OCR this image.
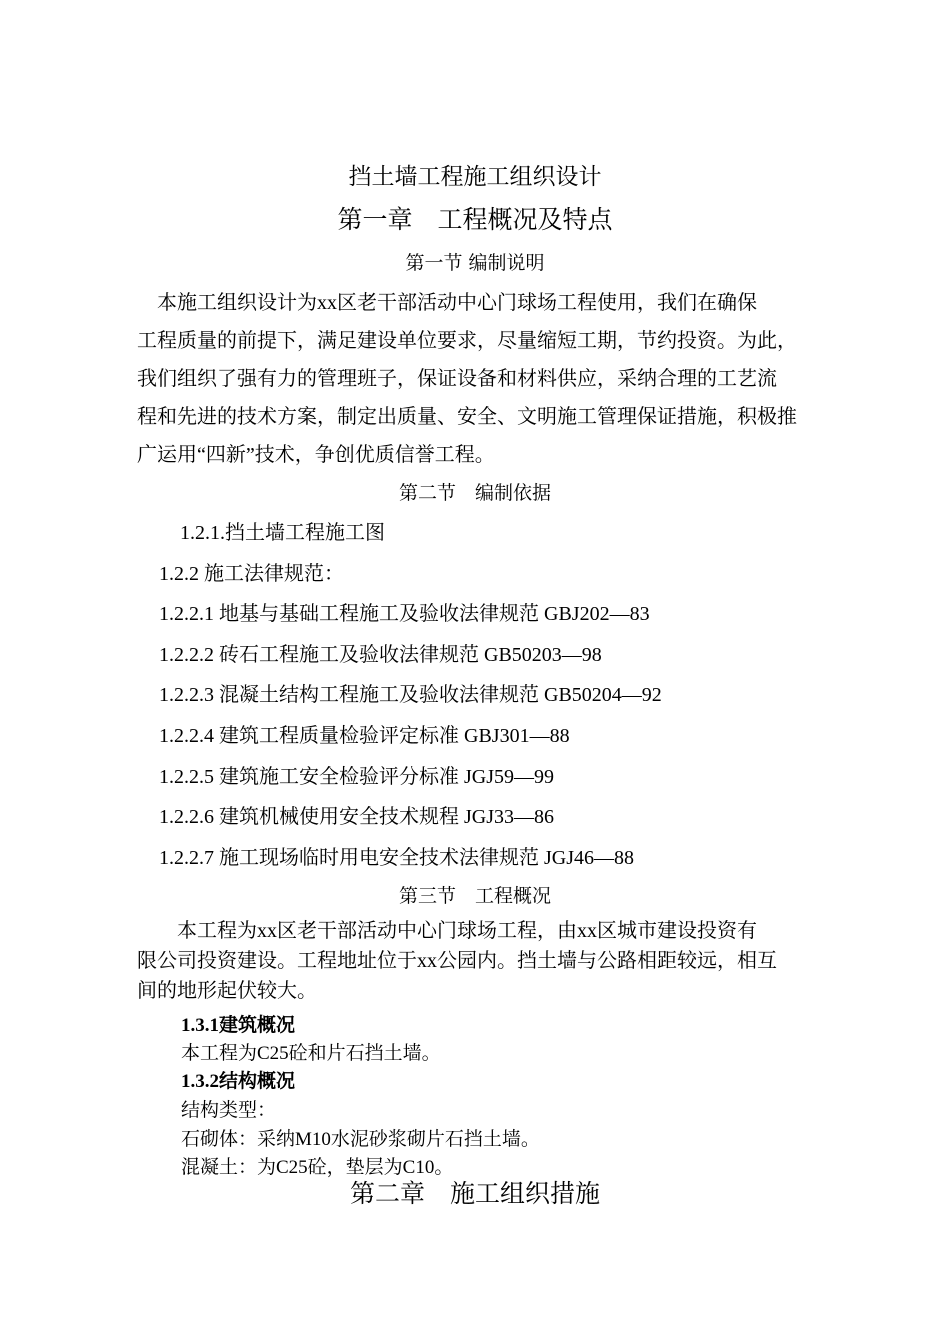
挡土墙工程施工组织设计
第一章　工程概况及特点
第一节 编制说明
　本施工组织设计为xx区老干部活动中心门球场工程使用，我们在确保
工程质量的前提下，满足建设单位要求，尽量缩短工期，节约投资。为此，
我们组织了强有力的管理班子，保证设备和材料供应，采纳合理的工艺流
程和先进的技术方案，制定出质量、安全、文明施工管理保证措施，积极推
广运用“四新”技术，争创优质信誉工程。
第二节　编制依据
1.2.1.挡土墙工程施工图
1.2.2 施工法律规范：
1.2.2.1 地基与基础工程施工及验收法律规范 GBJ202—83
1.2.2.2 砖石工程施工及验收法律规范 GB50203—98
1.2.2.3 混凝土结构工程施工及验收法律规范 GB50204—92
1.2.2.4 建筑工程质量检验评定标准 GBJ301—88
1.2.2.5 建筑施工安全检验评分标准 JGJ59—99
1.2.2.6 建筑机械使用安全技术规程 JGJ33—86
1.2.2.7 施工现场临时用电安全技术法律规范 JGJ46—88
第三节　工程概况
　　本工程为xx区老干部活动中心门球场工程，由xx区城市建设投资有
限公司投资建设。工程地址位于xx公园内。挡土墙与公路相距较远，相互
间的地形起伏较大。
1.3.1建筑概况
本工程为C25砼和片石挡土墙。
1.3.2结构概况
结构类型：
石砌体：采纳M10水泥砂浆砌片石挡土墙。
混凝土：为C25砼，垫层为C10。
第二章　施工组织措施
